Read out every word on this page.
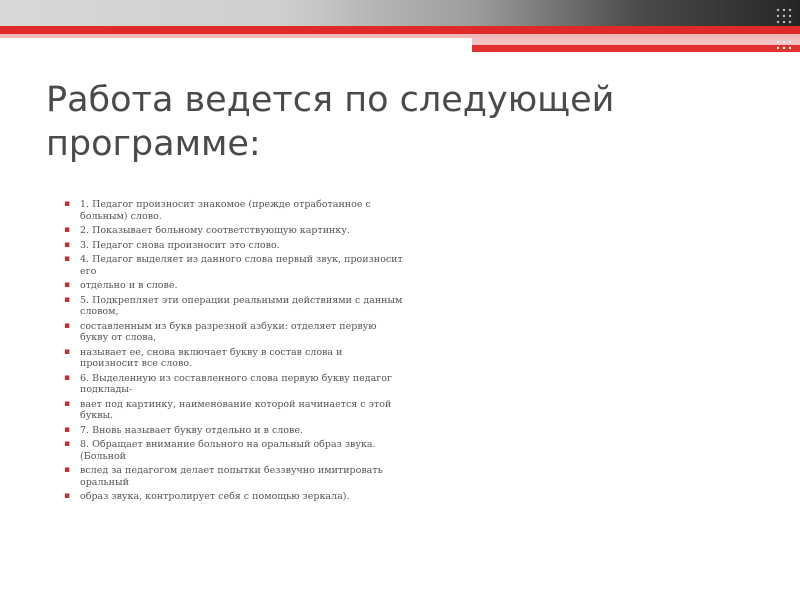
Работа ведется по следующей программе:
▪ 1. Педагог произносит знакомое (прежде отработанное с больным) слово.
▪ 2. Показывает больному соответствующую картинку.
▪ 3. Педагог снова произносит это слово.
▪ 4. Педагог выделяет из данного слова первый звук, произносит его
▪ отдельно и в слове.
▪ 5. Подкрепляет эти операции реальными действиями с данным словом,
▪ составленным из букв разрезной азбуки: отделяет первую букву от слова,
▪ называет ее, снова включает букву в состав слова и произносит все слово.
▪ 6. Выделенную из составленного слова первую букву педагог подклады-
▪ вает под картинку, наименование которой начинается с этой буквы.
▪ 7. Вновь называет букву отдельно и в слове.
▪ 8. Обращает внимание больного на оральный образ звука. (Больной
▪ вслед за педагогом делает попытки беззвучно имитировать оральный
▪ образ звука, контролирует себя с помощью зеркала).
